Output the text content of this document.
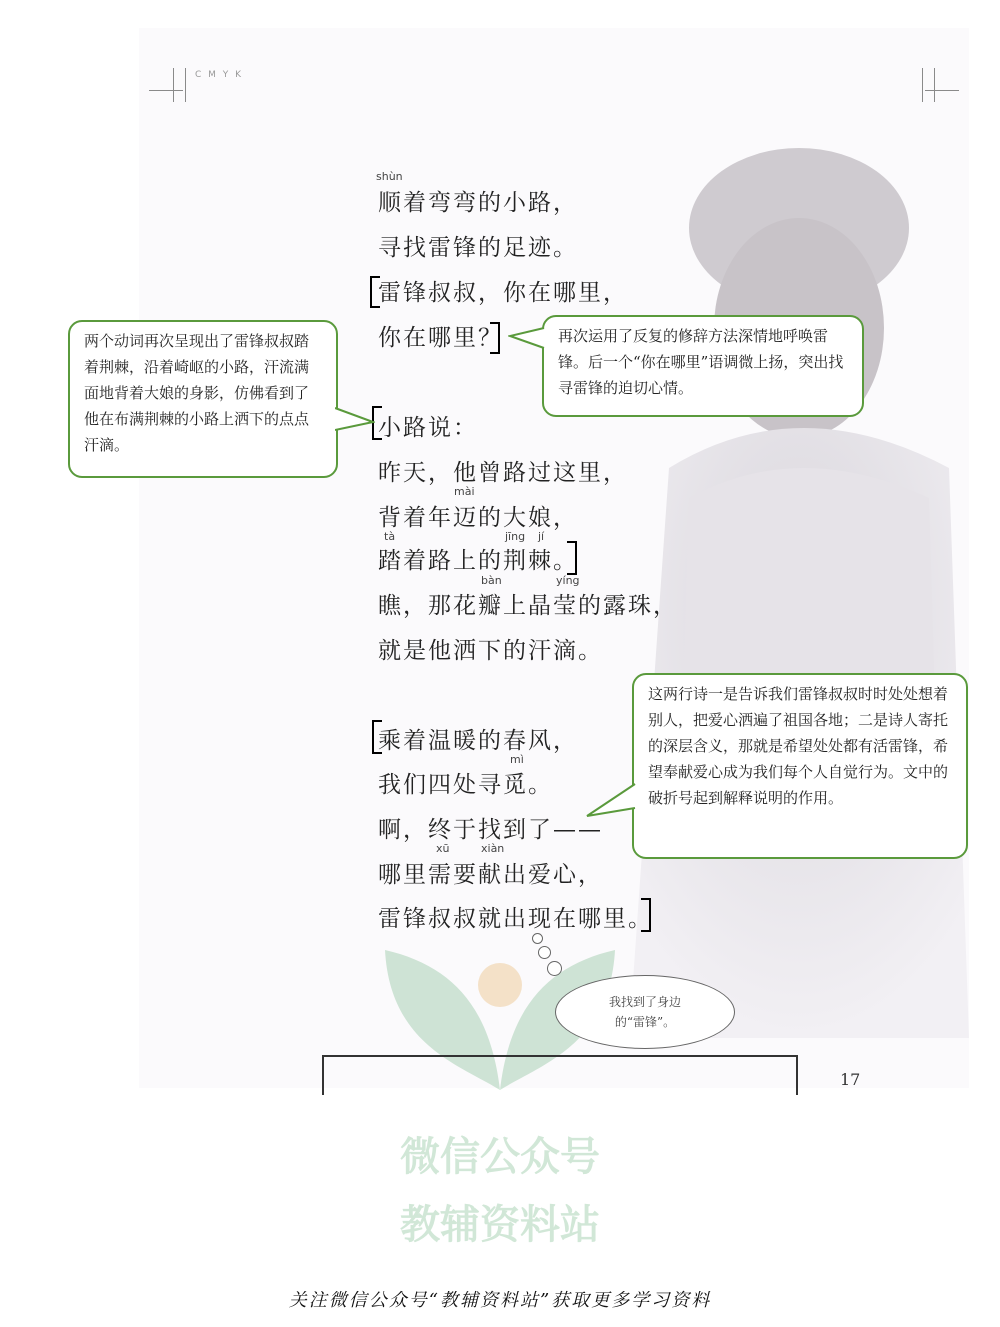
C M Y K
shùn
mài
tà	jīng jí
bàn	yíng
mì
xū	xiàn
顺着弯弯的小路，
寻找雷锋的足迹。
雷锋叔叔，你在哪里，
你在哪里？
小路说：
昨天，他曾路过这里，
背着年迈的大娘，
踏着路上的荆棘。
瞧，那花瓣上晶莹的露珠，
就是他洒下的汗滴。
乘着温暖的春风，
我们四处寻觅。
啊，终于找到了——
哪里需要献出爱心，
雷锋叔叔就出现在哪里。
两个动词再次呈现出了雷锋叔叔踏着荆棘，沿着崎岖的小路，汗流满面地背着大娘的身影，仿佛看到了他在布满荆棘的小路上洒下的点点汗滴。
再次运用了反复的修辞方法深情地呼唤雷锋。后一个“你在哪里”语调微上扬，突出找寻雷锋的迫切心情。
这两行诗一是告诉我们雷锋叔叔时时处处想着别人，把爱心洒遍了祖国各地；二是诗人寄托的深层含义，那就是希望处处都有活雷锋，希望奉献爱心成为我们每个人自觉行为。文中的破折号起到解释说明的作用。
我找到了身边
的“雷锋”。
17
微信公众号
教辅资料站
关注微信公众号“教辅资料站”获取更多学习资料
